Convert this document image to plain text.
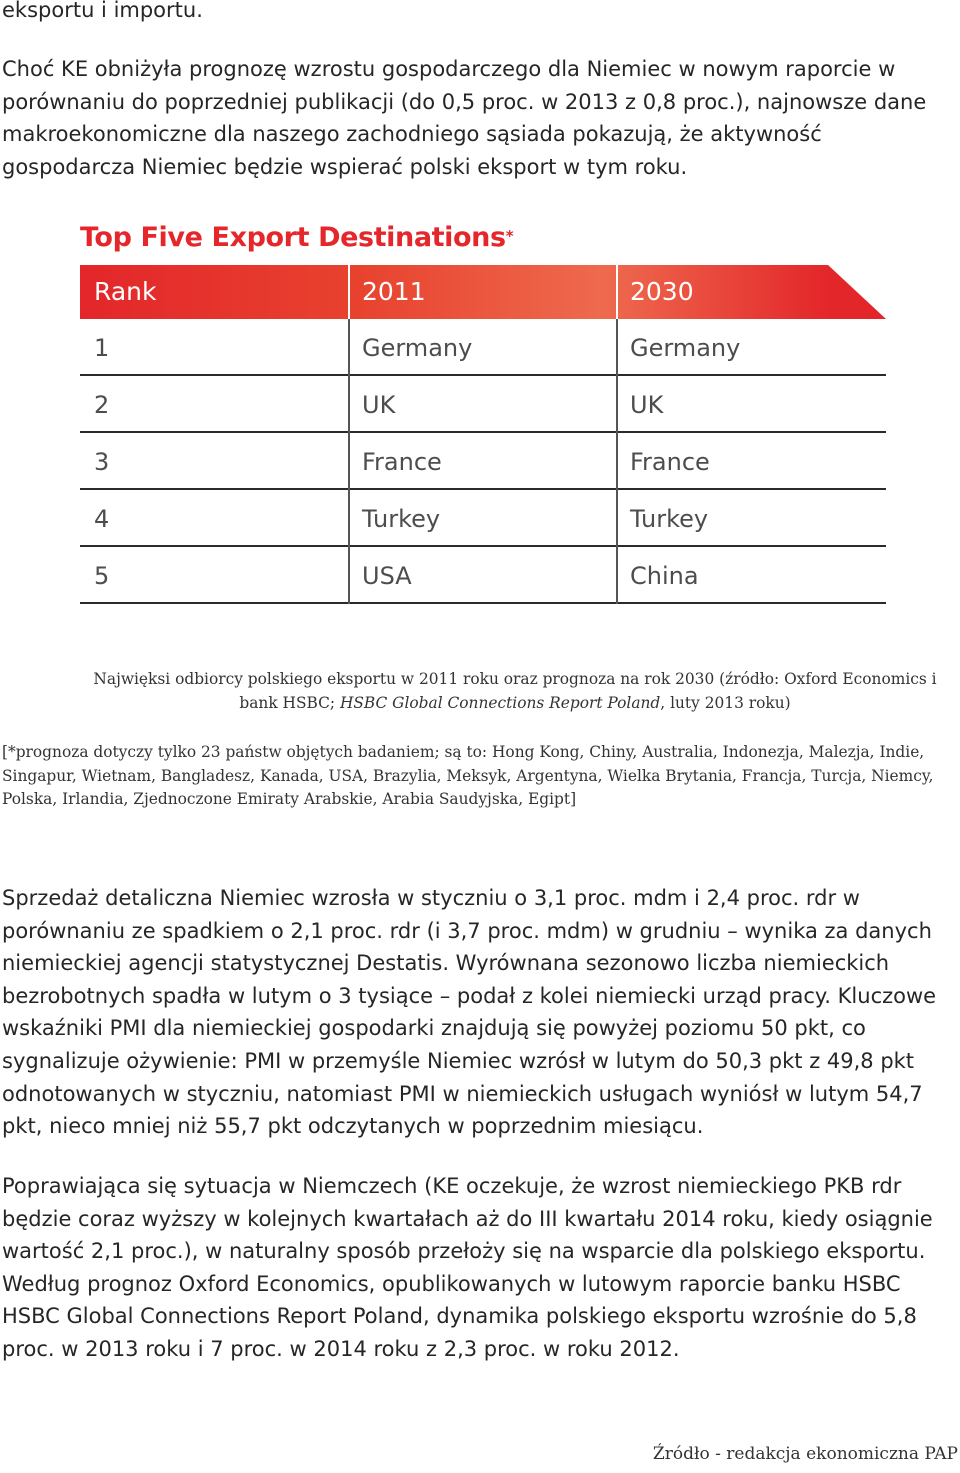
eksportu i importu.

Choć KE obniżyła prognozę wzrostu gospodarczego dla Niemiec w nowym raporcie w porównaniu do poprzedniej publikacji (do 0,5 proc. w 2013 z 0,8 proc.), najnowsze dane makroekonomiczne dla naszego zachodniego sąsiada pokazują, że aktywność gospodarcza Niemiec będzie wspierać polski eksport w tym roku.

Top Five Export Destinations*
Rank	2011	2030
1	Germany	Germany
2	UK	UK
3	France	France
4	Turkey	Turkey
5	USA	China
Najwięksi odbiorcy polskiego eksportu w 2011 roku oraz prognoza na rok 2030 (źródło: Oxford Economics i bank HSBC; HSBC Global Connections Report Poland, luty 2013 roku)
[*prognoza dotyczy tylko 23 państw objętych badaniem; są to: Hong Kong, Chiny, Australia, Indonezja, Malezja, Indie, Singapur, Wietnam, Bangladesz, Kanada, USA, Brazylia, Meksyk, Argentyna, Wielka Brytania, Francja, Turcja, Niemcy, Polska, Irlandia, Zjednoczone Emiraty Arabskie, Arabia Saudyjska, Egipt]

Sprzedaż detaliczna Niemiec wzrosła w styczniu o 3,1 proc. mdm i 2,4 proc. rdr w porównaniu ze spadkiem o 2,1 proc. rdr (i 3,7 proc. mdm) w grudniu – wynika za danych niemieckiej agencji statystycznej Destatis. Wyrównana sezonowo liczba niemieckich bezrobotnych spadła w lutym o 3 tysiące – podał z kolei niemiecki urząd pracy. Kluczowe wskaźniki PMI dla niemieckiej gospodarki znajdują się powyżej poziomu 50 pkt, co sygnalizuje ożywienie: PMI w przemyśle Niemiec wzrósł w lutym do 50,3 pkt z 49,8 pkt odnotowanych w styczniu, natomiast PMI w niemieckich usługach wyniósł w lutym 54,7 pkt, nieco mniej niż 55,7 pkt odczytanych w poprzednim miesiącu.

Poprawiająca się sytuacja w Niemczech (KE oczekuje, że wzrost niemieckiego PKB rdr będzie coraz wyższy w kolejnych kwartałach aż do III kwartału 2014 roku, kiedy osiągnie wartość 2,1 proc.), w naturalny sposób przełoży się na wsparcie dla polskiego eksportu. Według prognoz Oxford Economics, opublikowanych w lutowym raporcie banku HSBC HSBC Global Connections Report Poland, dynamika polskiego eksportu wzrośnie do 5,8 proc. w 2013 roku i 7 proc. w 2014 roku z 2,3 proc. w roku 2012.

Źródło - redakcja ekonomiczna PAP
